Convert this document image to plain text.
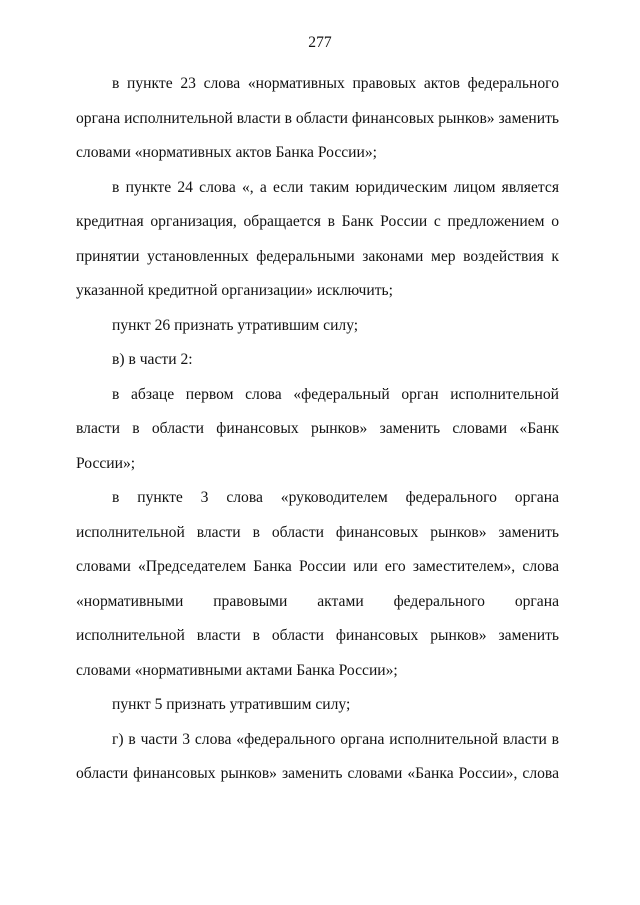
277

в пункте 23 слова «нормативных правовых актов федерального органа исполнительной власти в области финансовых рынков» заменить словами «нормативных актов Банка России»;

в пункте 24 слова «, а если таким юридическим лицом является кредитная организация, обращается в Банк России с предложением о принятии установленных федеральными законами мер воздействия к указанной кредитной организации» исключить;

пункт 26 признать утратившим силу;

в) в части 2:

в абзаце первом слова «федеральный орган исполнительной власти в области финансовых рынков» заменить словами «Банк России»;

в пункте 3 слова «руководителем федерального органа исполнительной власти в области финансовых рынков» заменить словами «Председателем Банка России или его заместителем», слова «нормативными правовыми актами федерального органа исполнительной власти в области финансовых рынков» заменить словами «нормативными актами Банка России»;

пункт 5 признать утратившим силу;

г) в части 3 слова «федерального органа исполнительной власти в области финансовых рынков» заменить словами «Банка России», слова
